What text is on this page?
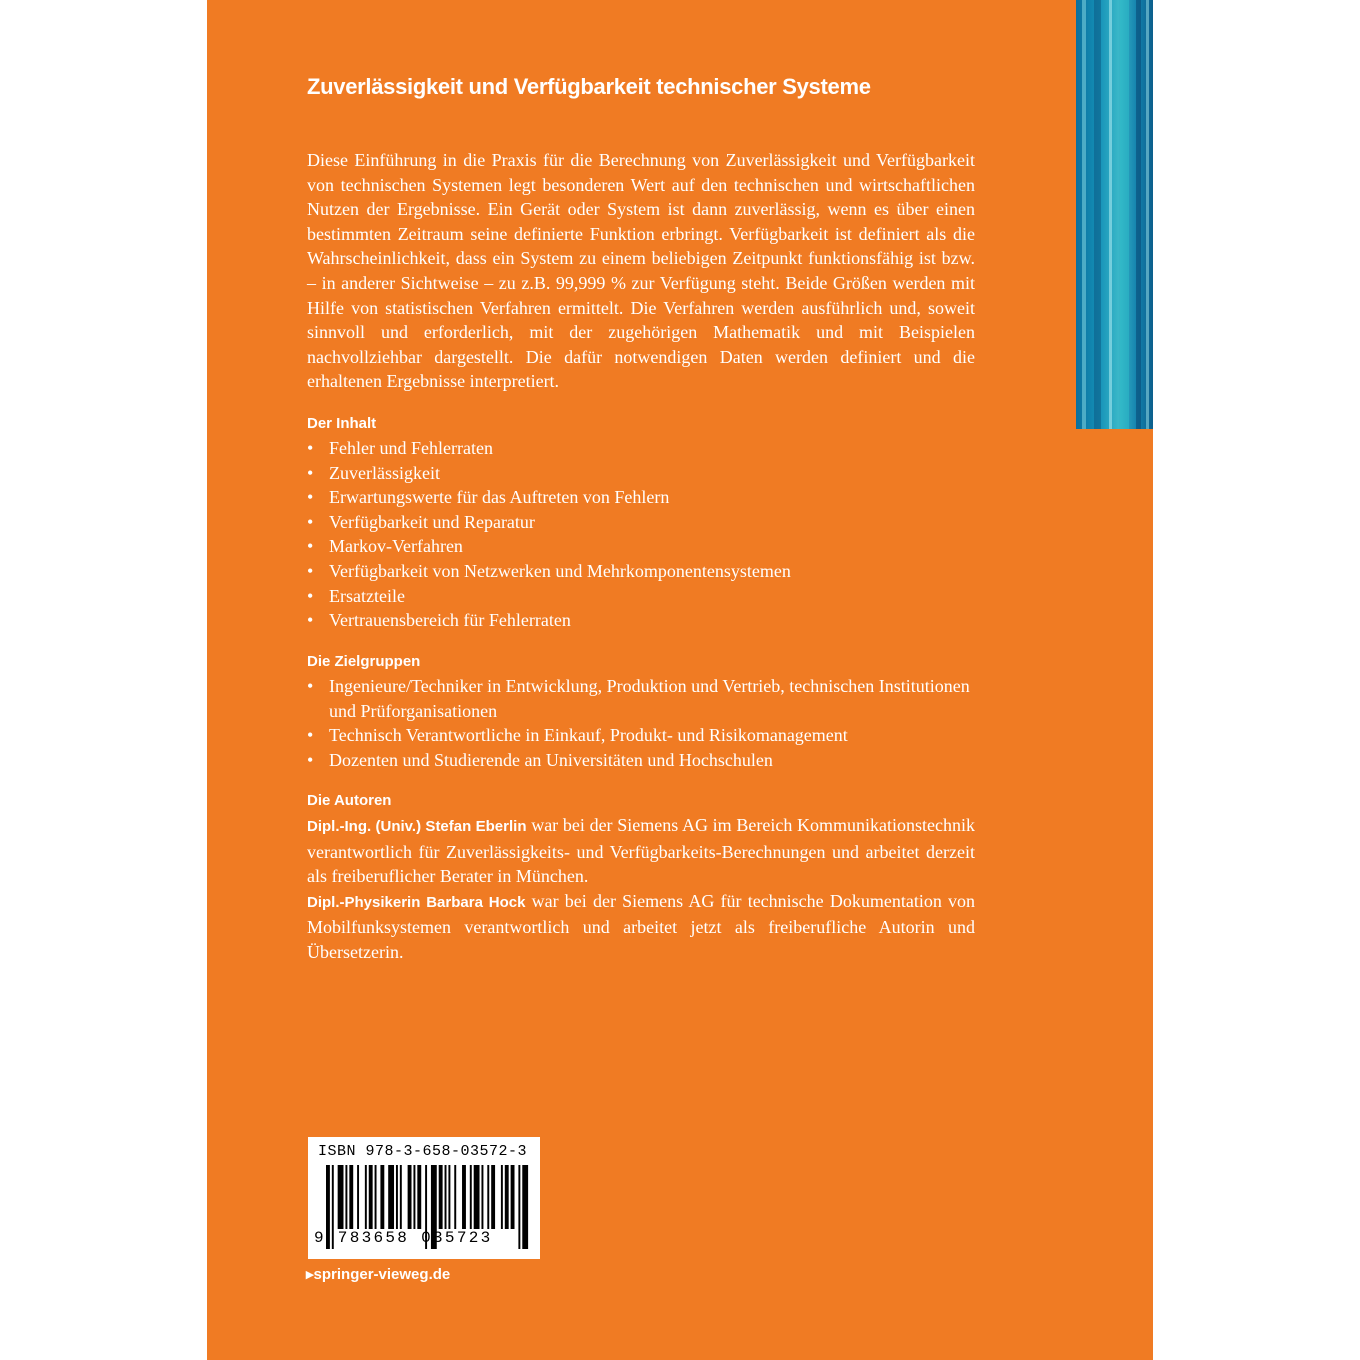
Zuverlässigkeit und Verfügbarkeit technischer Systeme
Diese Einführung in die Praxis für die Berechnung von Zuverlässigkeit und Verfügbarkeit von technischen Systemen legt besonderen Wert auf den technischen und wirtschaftlichen Nutzen der Ergebnisse. Ein Gerät oder System ist dann zuverlässig, wenn es über einen bestimmten Zeitraum seine definierte Funktion erbringt. Verfügbarkeit ist definiert als die Wahrscheinlichkeit, dass ein System zu einem beliebigen Zeitpunkt funktionsfähig ist bzw. – in anderer Sichtweise – zu z.B. 99,999 % zur Verfügung steht. Beide Größen werden mit Hilfe von statistischen Verfahren ermittelt. Die Verfahren werden ausführlich und, soweit sinnvoll und erforderlich, mit der zugehörigen Mathematik und mit Beispielen nachvollziehbar dargestellt. Die dafür notwendigen Daten werden definiert und die erhaltenen Ergebnisse interpretiert.
Der Inhalt
• Fehler und Fehlerraten
• Zuverlässigkeit
• Erwartungswerte für das Auftreten von Fehlern
• Verfügbarkeit und Reparatur
• Markov-Verfahren
• Verfügbarkeit von Netzwerken und Mehrkomponentensystemen
• Ersatzteile
• Vertrauensbereich für Fehlerraten
Die Zielgruppen
• Ingenieure/Techniker in Entwicklung, Produktion und Vertrieb, technischen Institutionen und Prüforganisationen
• Technisch Verantwortliche in Einkauf, Produkt- und Risikomanagement
• Dozenten und Studierende an Universitäten und Hochschulen
Die Autoren

Dipl.-Ing. (Univ.) Stefan Eberlin war bei der Siemens AG im Bereich Kommunikationstechnik verantwortlich für Zuverlässigkeits- und Verfügbarkeits-Berechnungen und arbeitet derzeit als freiberuflicher Berater in München.

Dipl.-Physikerin Barbara Hock war bei der Siemens AG für technische Dokumentation von Mobilfunksystemen verantwortlich und arbeitet jetzt als freiberufliche Autorin und Übersetzerin.

ISBN 978-3-658-03572-3
9 783658 035723
▸springer-vieweg.de
